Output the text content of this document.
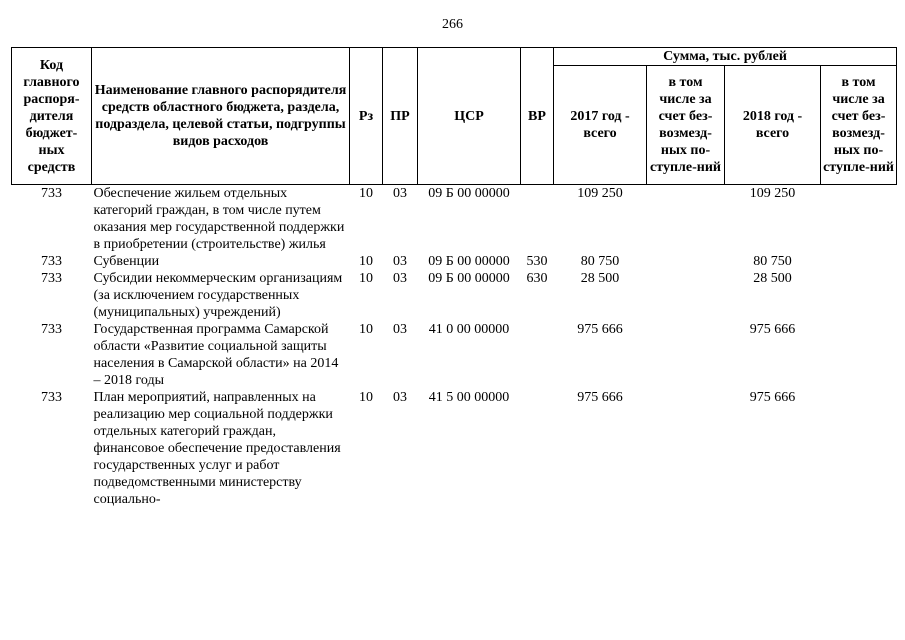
266
Код главного распоря-дителя бюджет-ных средств	Наименование главного распорядителя средств областного бюджета, раздела, подраздела, целевой статьи, подгруппы видов расходов	Рз	ПР	ЦСР	ВР	Сумма, тыс. рублей			
						2017 год - всего	в том числе за счет без-возмезд-ных по-ступле-ний	2018 год - всего	в том числе за счет без-возмезд-ных по-ступле-ний
733	Обеспечение жильем отдельных категорий граждан, в том числе путем оказания мер государственной поддержки в приобретении (строительстве) жилья	10	03	09 Б 00 00000		109 250		109 250	
733	Субвенции	10	03	09 Б 00 00000	530	80 750		80 750	
733	Субсидии некоммерческим организациям (за исключением государственных (муниципальных) учреждений)	10	03	09 Б 00 00000	630	28 500		28 500	
733	Государственная программа Самарской области «Развитие социальной защиты населения в Самарской области» на 2014 – 2018 годы	10	03	41 0 00 00000		975 666		975 666	
733	План мероприятий, направленных на реализацию мер социальной поддержки отдельных категорий граждан, финансовое обеспечение предоставления государственных услуг и работ подведомственными министерству социально-	10	03	41 5 00 00000		975 666		975 666	
